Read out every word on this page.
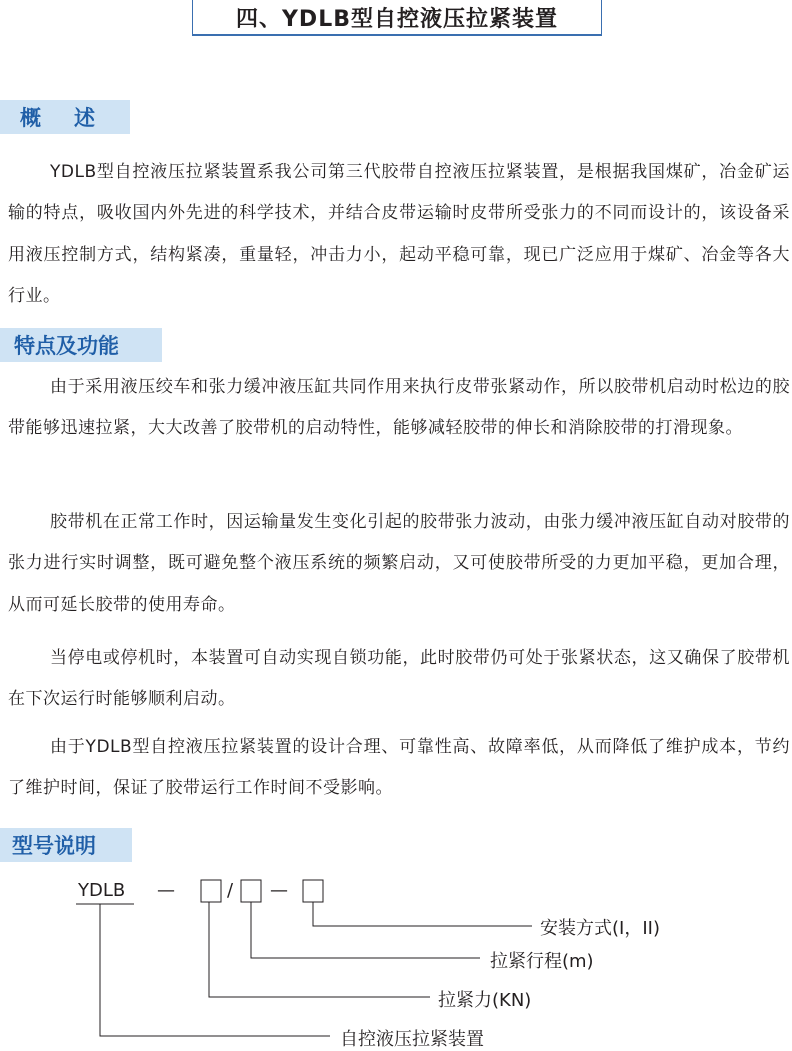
四、YDLB型自控液压拉紧装置
概　述

YDLB型自控液压拉紧装置系我公司第三代胶带自控液压拉紧装置，是根据我国煤矿，冶金矿运输的特点，吸收国内外先进的科学技术，并结合皮带运输时皮带所受张力的不同而设计的，该设备采用液压控制方式，结构紧凑，重量轻，冲击力小，起动平稳可靠，现已广泛应用于煤矿、冶金等各大行业。

特点及功能

由于采用液压绞车和张力缓冲液压缸共同作用来执行皮带张紧动作，所以胶带机启动时松边的胶带能够迅速拉紧，大大改善了胶带机的启动特性，能够减轻胶带的伸长和消除胶带的打滑现象。

胶带机在正常工作时，因运输量发生变化引起的胶带张力波动，由张力缓冲液压缸自动对胶带的张力进行实时调整，既可避免整个液压系统的频繁启动，又可使胶带所受的力更加平稳，更加合理，从而可延长胶带的使用寿命。

当停电或停机时，本装置可自动实现自锁功能，此时胶带仍可处于张紧状态，这又确保了胶带机在下次运行时能够顺利启动。

由于YDLB型自控液压拉紧装置的设计合理、可靠性高、故障率低，从而降低了维护成本，节约了维护时间，保证了胶带运行工作时间不受影响。

型号说明
YDLB —	/ —
安装方式(I，II)
拉紧行程(m)
拉紧力(KN)
自控液压拉紧装置
